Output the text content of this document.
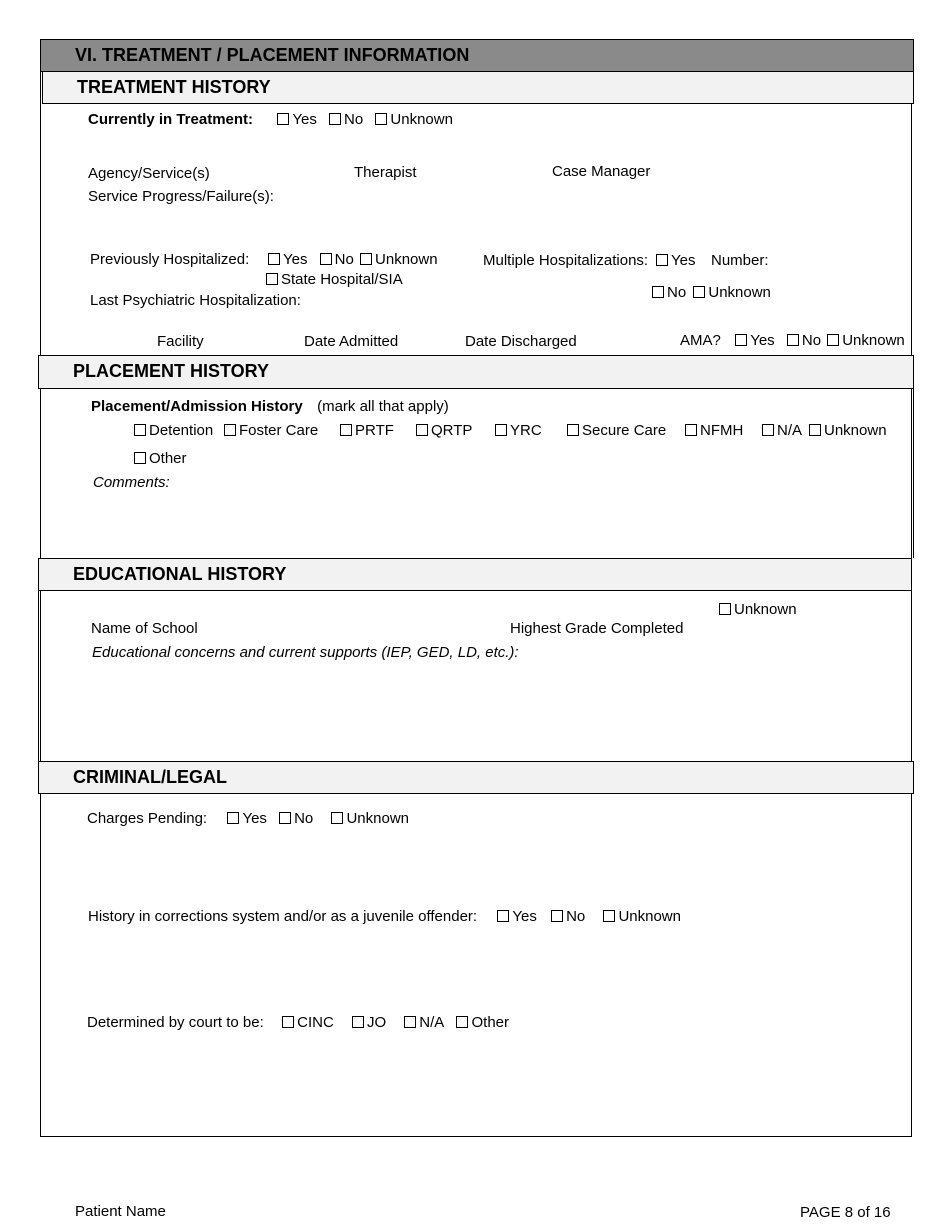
VI. TREATMENT / PLACEMENT INFORMATION
TREATMENT HISTORY
Currently in Treatment:	Yes No Unknown
Agency/Service(s)	Therapist	Case Manager
Service Progress/Failure(s):
Previously Hospitalized:	Yes No Unknown
State Hospital/SIA
Multiple Hospitalizations:	Yes Number:
No Unknown
Last Psychiatric Hospitalization:
Facility	Date Admitted	Date Discharged	AMA? Yes No Unknown
PLACEMENT HISTORY
Placement/Admission History (mark all that apply)
Detention	Foster Care	PRTF	QRTP	YRC	Secure Care	NFMH	N/A	Unknown
Other
Comments:
EDUCATIONAL HISTORY
Unknown
Name of School	Highest Grade Completed
Educational concerns and current supports (IEP, GED, LD, etc.):
CRIMINAL/LEGAL
Charges Pending: Yes No Unknown
History in corrections system and/or as a juvenile offender: Yes No Unknown
Determined by court to be: CINC JO N/A Other
Patient Name	PAGE 8 of 16
